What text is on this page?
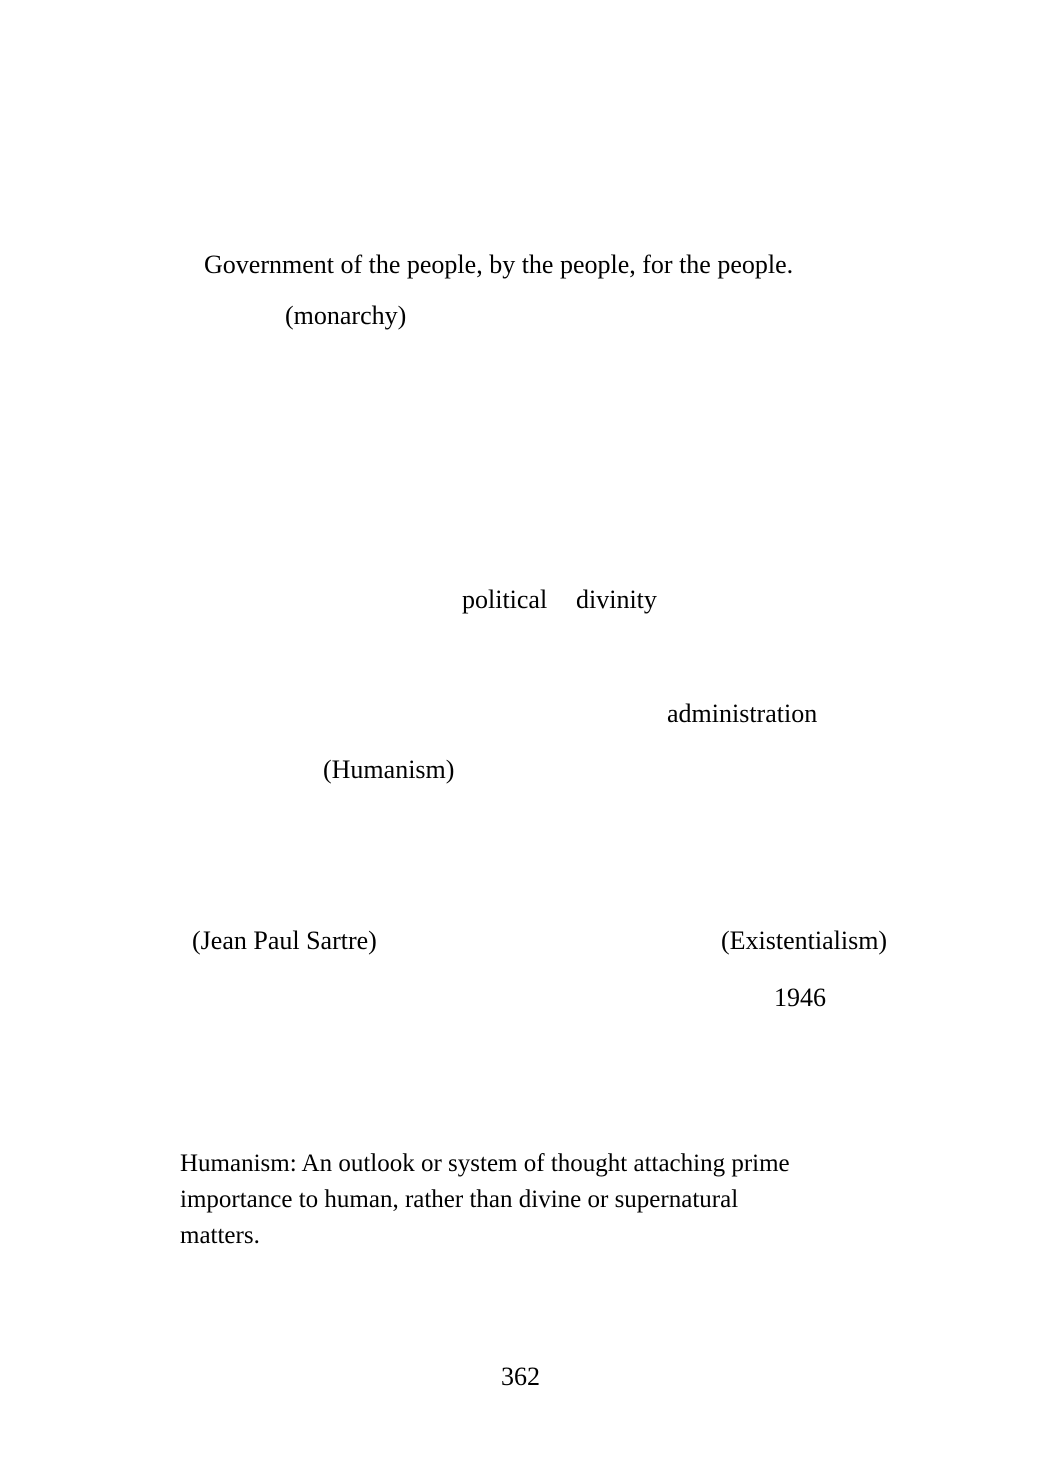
Government of the people, by the people, for the people.
(monarchy)
political divinity
administration
(Humanism)
(Jean Paul Sartre)	(Existentialism)
1946
Humanism: An outlook or system of thought attaching prime
importance to human, rather than divine or supernatural
matters.
362
